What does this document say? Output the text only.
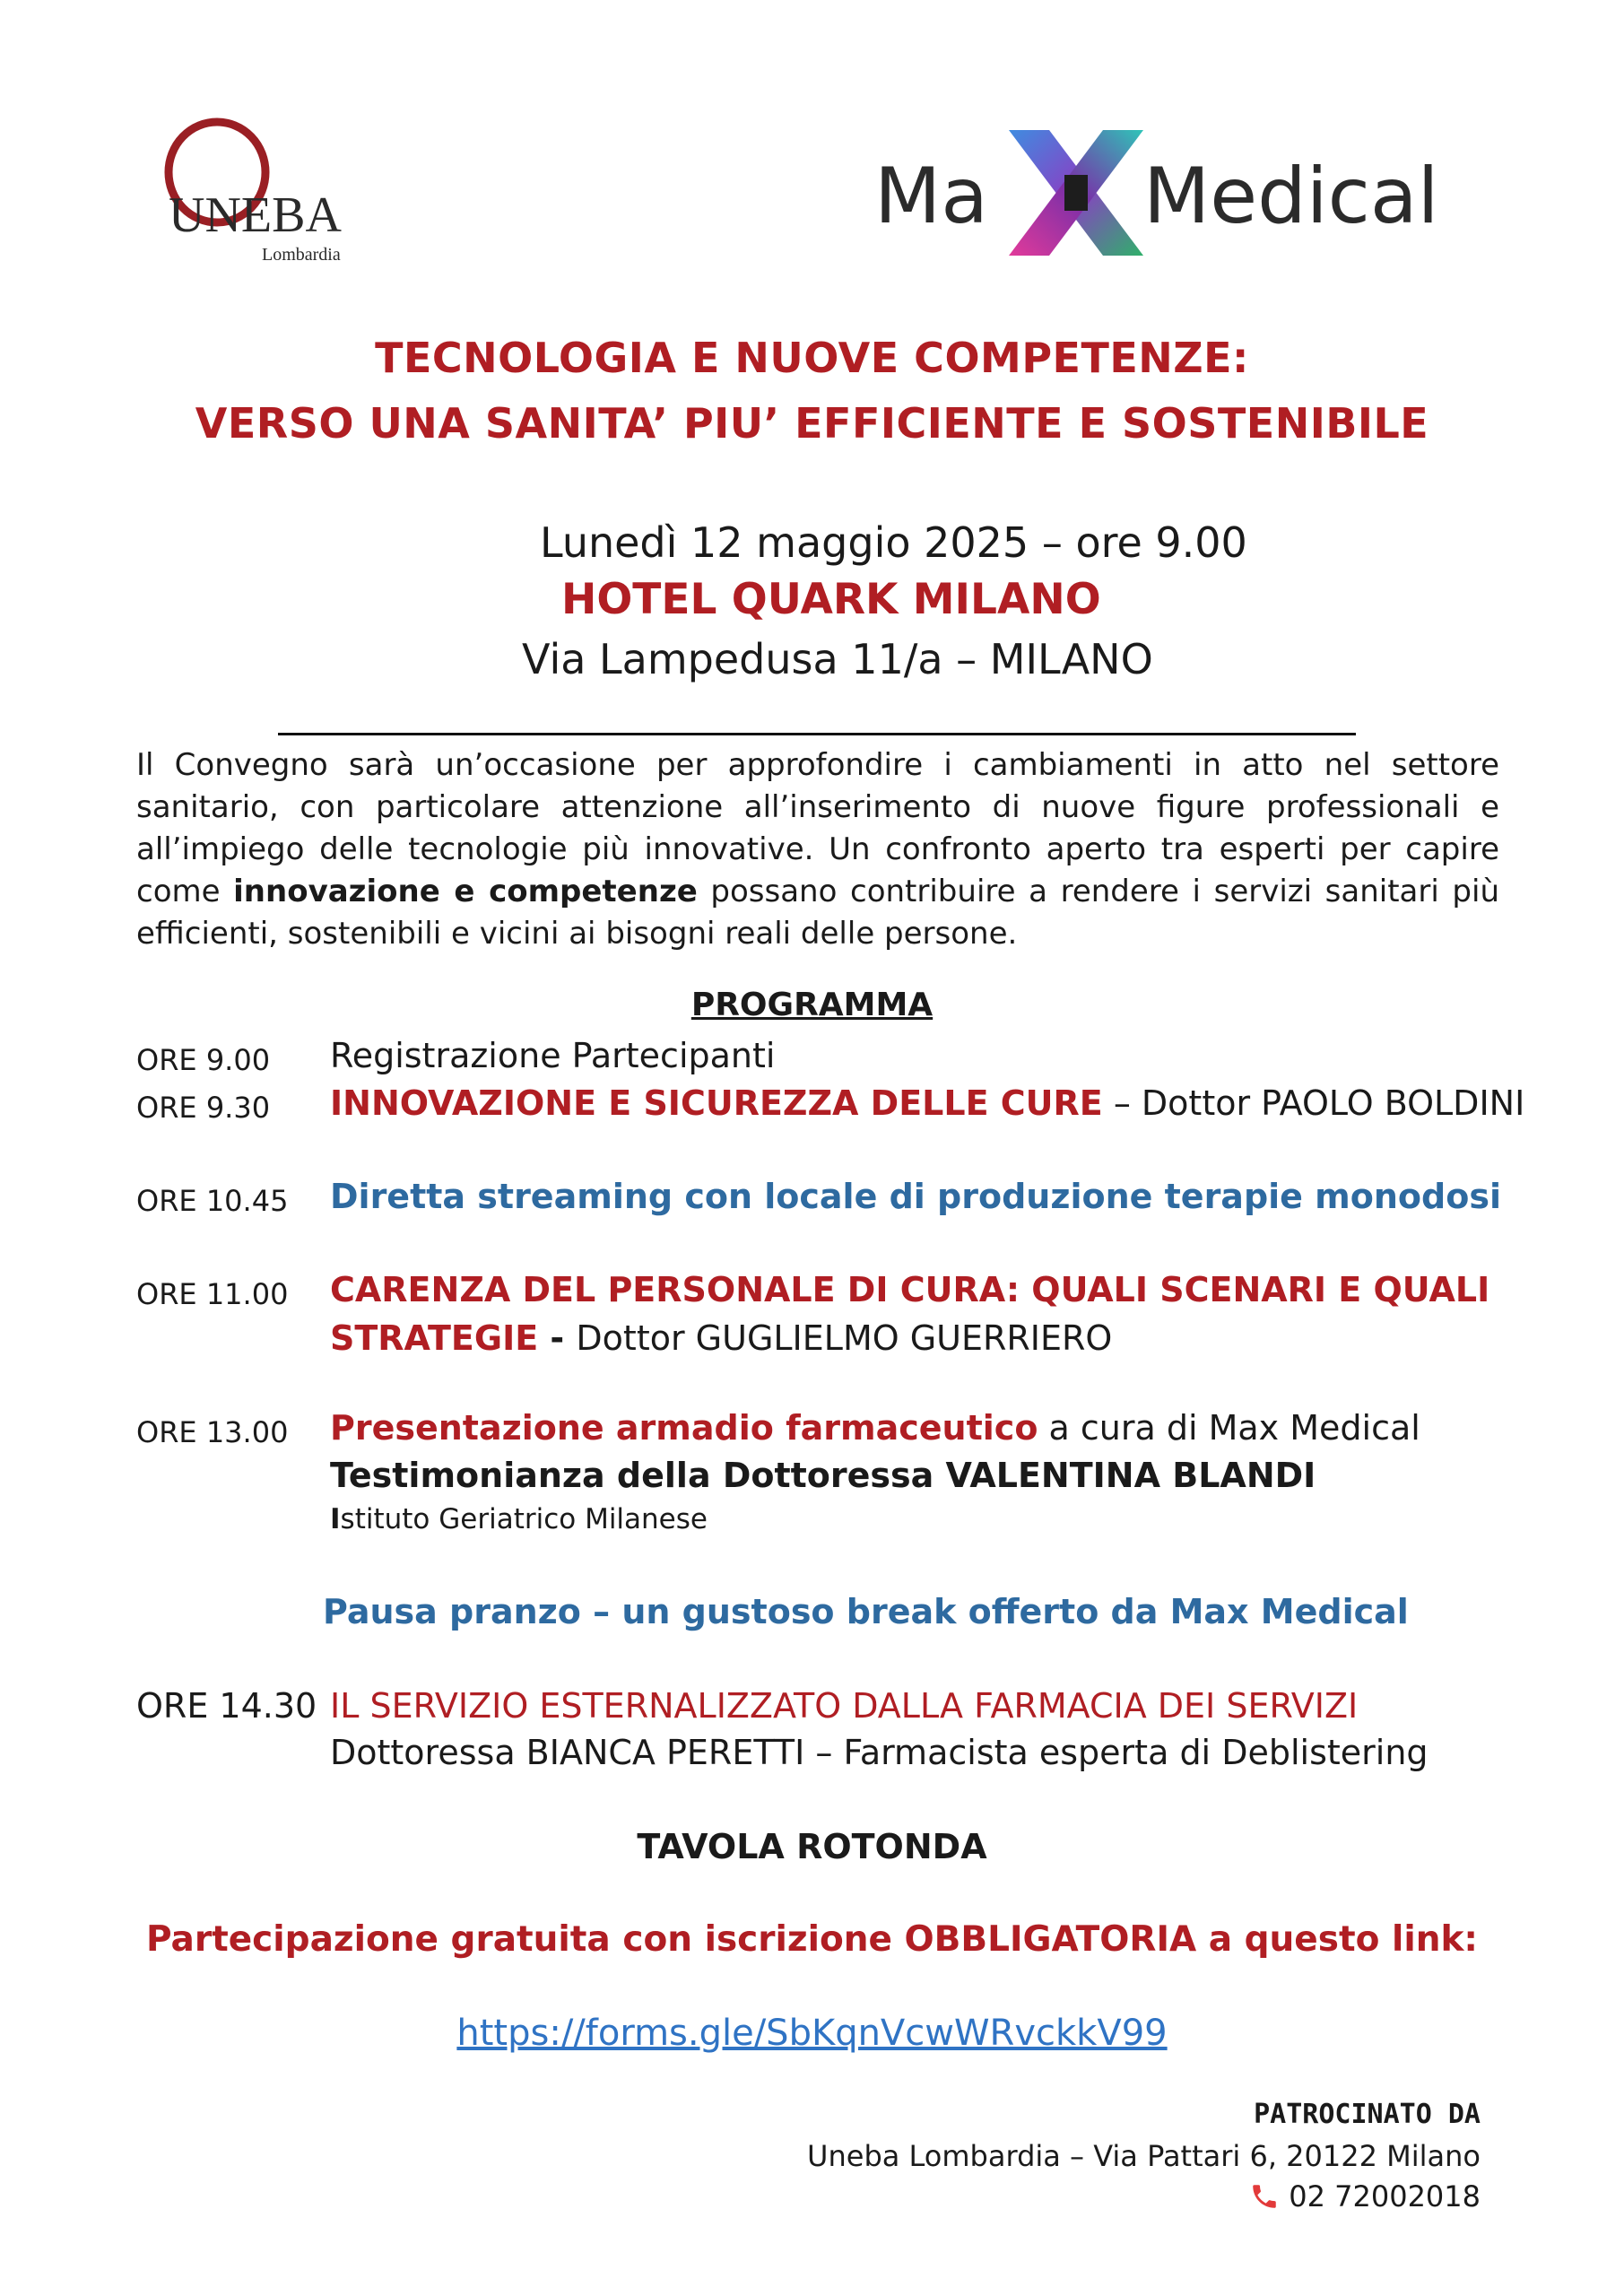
UNEBA
Lombardia
Ma Medical
TECNOLOGIA E NUOVE COMPETENZE:
VERSO UNA SANITA’ PIU’ EFFICIENTE E SOSTENIBILE
Lunedì 12 maggio 2025 – ore 9.00
HOTEL QUARK MILANO
Via Lampedusa 11/a – MILANO
Il Convegno sarà un’occasione per approfondire i cambiamenti in atto nel settore sanitario, con particolare attenzione all’inserimento di nuove figure professionali e all’impiego delle tecnologie più innovative. Un confronto aperto tra esperti per capire come innovazione e competenze possano contribuire a rendere i servizi sanitari più efficienti, sostenibili e vicini ai bisogni reali delle persone.
PROGRAMMA
ORE 9.00 Registrazione Partecipanti
ORE 9.30 INNOVAZIONE E SICUREZZA DELLE CURE – Dottor PAOLO BOLDINI
ORE 10.45 Diretta streaming con locale di produzione terapie monodosi
ORE 11.00 CARENZA DEL PERSONALE DI CURA: QUALI SCENARI E QUALI
STRATEGIE - Dottor GUGLIELMO GUERRIERO
ORE 13.00 Presentazione armadio farmaceutico a cura di Max Medical
Testimonianza della Dottoressa VALENTINA BLANDI
Istituto Geriatrico Milanese
Pausa pranzo – un gustoso break offerto da Max Medical
ORE 14.30 IL SERVIZIO ESTERNALIZZATO DALLA FARMACIA DEI SERVIZI
Dottoressa BIANCA PERETTI – Farmacista esperta di Deblistering
TAVOLA ROTONDA
Partecipazione gratuita con iscrizione OBBLIGATORIA a questo link:
https://forms.gle/SbKqnVcwWRvckkV99
PATROCINATO DA
Uneba Lombardia – Via Pattari 6, 20122 Milano
02 72002018
